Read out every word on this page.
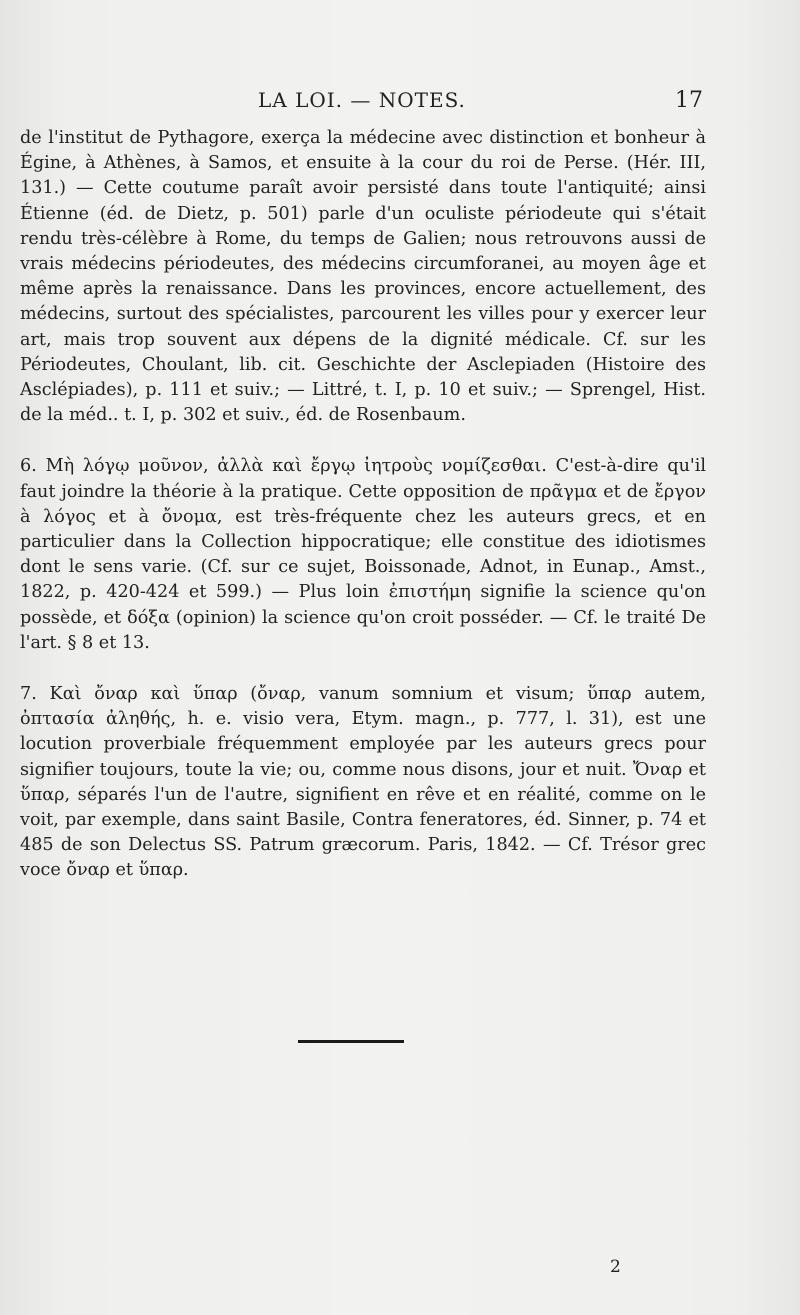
LA LOI. — NOTES.	17

de l'institut de Pythagore, exerça la médecine avec distinction et bonheur à Égine, à Athènes, à Samos, et ensuite à la cour du roi de Perse. (Hér. III, 131.) — Cette coutume paraît avoir persisté dans toute l'antiquité; ainsi Étienne (éd. de Dietz, p. 501) parle d'un oculiste périodeute qui s'était rendu très-célèbre à Rome, du temps de Galien; nous retrouvons aussi de vrais médecins périodeutes, des médecins circumforanei, au moyen âge et même après la renaissance. Dans les provinces, encore actuellement, des médecins, surtout des spécialistes, parcourent les villes pour y exercer leur art, mais trop souvent aux dépens de la dignité médicale. Cf. sur les Périodeutes, Choulant, lib. cit. Geschichte der Asclepiaden (Histoire des Asclépiades), p. 111 et suiv.; — Littré, t. I, p. 10 et suiv.; — Sprengel, Hist. de la méd.. t. I, p. 302 et suiv., éd. de Rosenbaum.

6. Μὴ λόγῳ μοῦνον, ἀλλὰ καὶ ἔργῳ ἰητροὺς νομίζεσθαι. C'est-à-dire qu'il faut joindre la théorie à la pratique. Cette opposition de πρᾶγμα et de ἔργον à λόγος et à ὄνομα, est très-fréquente chez les auteurs grecs, et en particulier dans la Collection hippocratique; elle constitue des idiotismes dont le sens varie. (Cf. sur ce sujet, Boissonade, Adnot, in Eunap., Amst., 1822, p. 420-424 et 599.) — Plus loin ἐπιστήμη signifie la science qu'on possède, et δόξα (opinion) la science qu'on croit posséder. — Cf. le traité De l'art. § 8 et 13.

7. Καὶ ὄναρ καὶ ὕπαρ (ὄναρ, vanum somnium et visum; ὕπαρ autem, ὀπτασία ἀληθής, h. e. visio vera, Etym. magn., p. 777, l. 31), est une locution proverbiale fréquemment employée par les auteurs grecs pour signifier toujours, toute la vie; ou, comme nous disons, jour et nuit. Ὄναρ et ὕπαρ, séparés l'un de l'autre, signifient en rêve et en réalité, comme on le voit, par exemple, dans saint Basile, Contra feneratores, éd. Sinner, p. 74 et 485 de son Delectus SS. Patrum græcorum. Paris, 1842. — Cf. Trésor grec voce ὄναρ et ὕπαρ.

2
